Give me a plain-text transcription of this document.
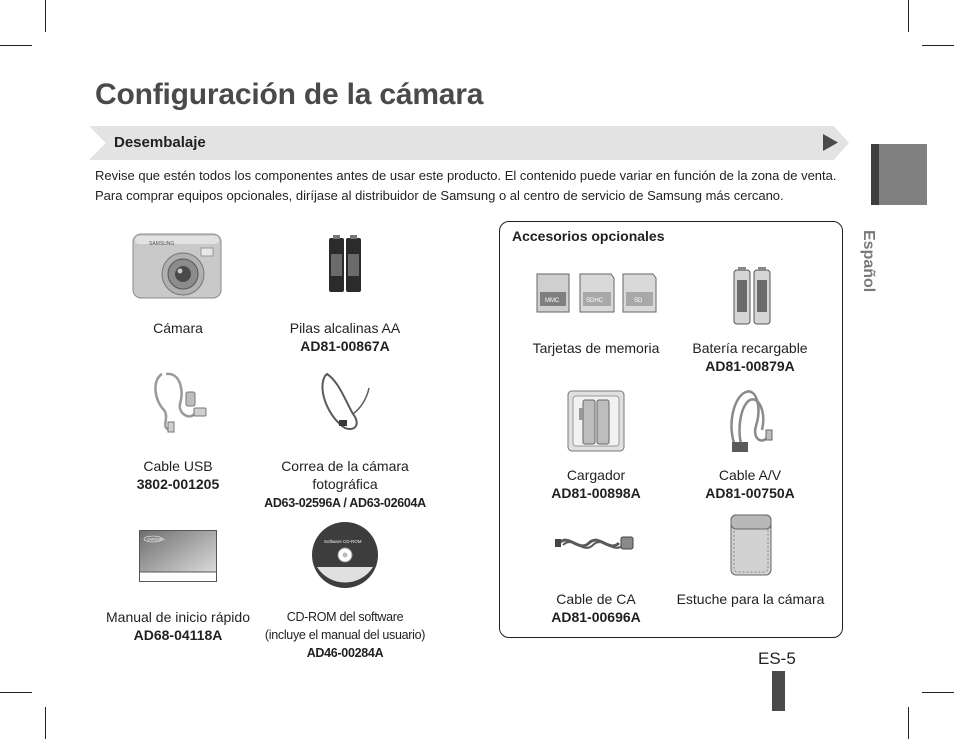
Configuración de la cámara
Desembalaje
Revise que estén todos los componentes antes de usar este producto. El contenido puede variar en función de la zona de venta. Para comprar equipos opcionales, diríjase al distribuidor de Samsung o al centro de servicio de Samsung más cercano.
Español
SAMSUNG
Cámara	Pilas alcalinas AA
AD81-00867A
Cable USB
3802-001205
Correa de la cámara
fotográfica
AD63-02596A / AD63-02604A
SAMSUNG	Software CD-ROM
Manual de inicio rápido
AD68-04118A
CD-ROM del software
(incluye el manual del usuario)
AD46-00284A
Accesorios opcionales
MMC	SDHC	SD
Tarjetas de memoria	Batería recargable
AD81-00879A
Cargador
AD81-00898A
Cable A/V
AD81-00750A
Cable de CA
AD81-00696A
Estuche para la cámara
ES-5
